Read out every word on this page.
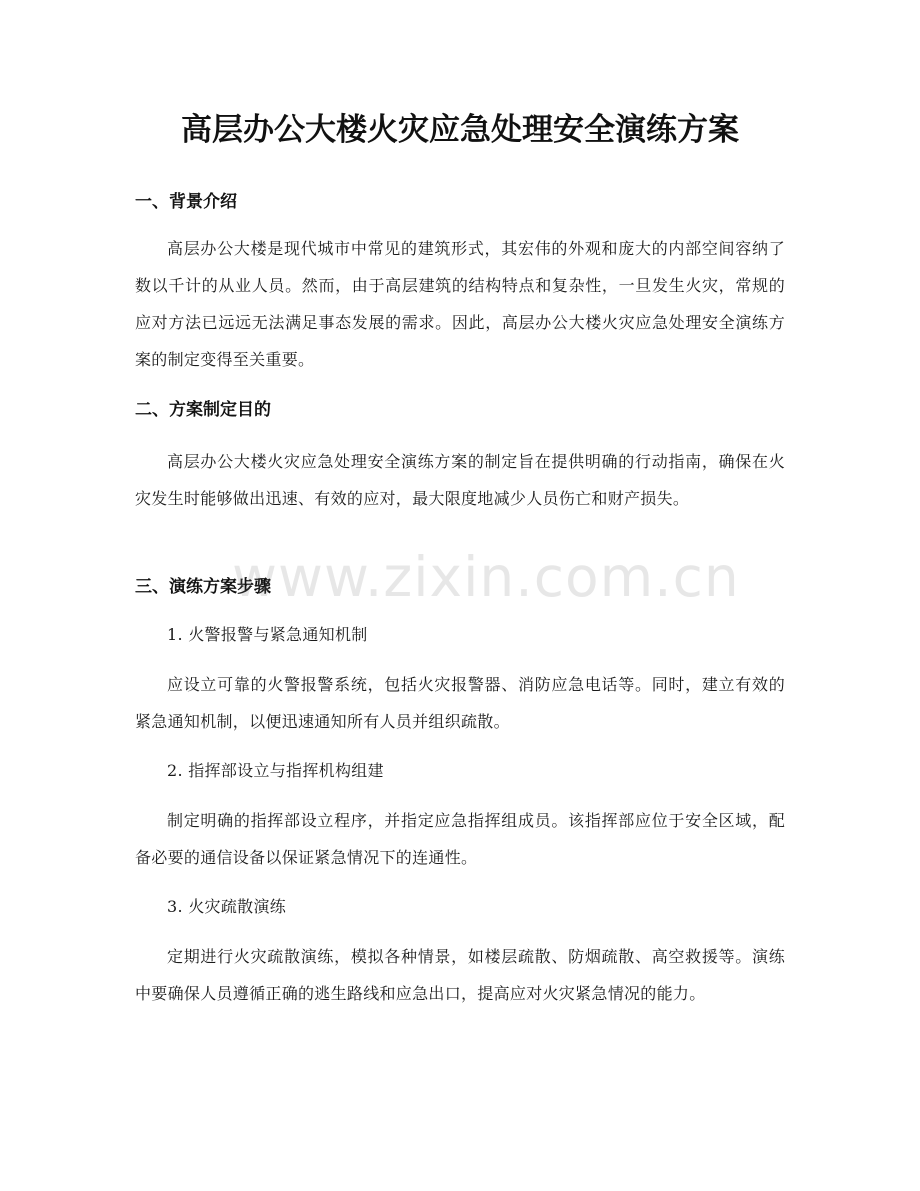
高层办公大楼火灾应急处理安全演练方案
一、背景介绍

高层办公大楼是现代城市中常见的建筑形式，其宏伟的外观和庞大的内部空间容纳了数以千计的从业人员。然而，由于高层建筑的结构特点和复杂性，一旦发生火灾，常规的应对方法已远远无法满足事态发展的需求。因此，高层办公大楼火灾应急处理安全演练方案的制定变得至关重要。

二、方案制定目的

高层办公大楼火灾应急处理安全演练方案的制定旨在提供明确的行动指南，确保在火灾发生时能够做出迅速、有效的应对，最大限度地减少人员伤亡和财产损失。

三、演练方案步骤

1. 火警报警与紧急通知机制

应设立可靠的火警报警系统，包括火灾报警器、消防应急电话等。同时，建立有效的紧急通知机制，以便迅速通知所有人员并组织疏散。

2. 指挥部设立与指挥机构组建

制定明确的指挥部设立程序，并指定应急指挥组成员。该指挥部应位于安全区域，配备必要的通信设备以保证紧急情况下的连通性。

3. 火灾疏散演练

定期进行火灾疏散演练，模拟各种情景，如楼层疏散、防烟疏散、高空救援等。演练中要确保人员遵循正确的逃生路线和应急出口，提高应对火灾紧急情况的能力。

www.zixin.com.cn
